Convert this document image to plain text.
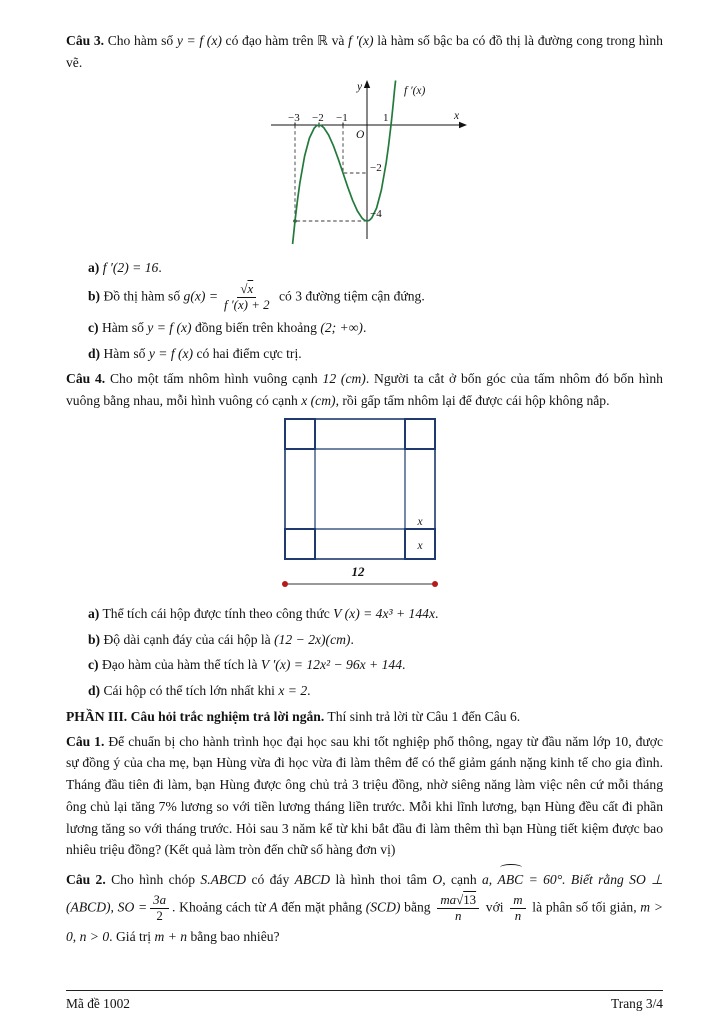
Câu 3. Cho hàm số y = f (x) có đạo hàm trên ℝ và f ′(x) là hàm số bậc ba có đồ thị là đường cong trong hình vẽ.

y
x
O
−3 −2 −1	1
−2
−4
f ′(x)

a) f ′(2) = 16.

b) Đồ thị hàm số $g(x) = \frac{√x}{f '(x) + 2}$ có 3 đường tiệm cận đứng.

c) Hàm số y = f (x) đồng biến trên khoảng (2; +∞).

d) Hàm số y = f (x) có hai điểm cực trị.

Câu 4. Cho một tấm nhôm hình vuông cạnh 12 (cm). Người ta cắt ở bốn góc của tấm nhôm đó bốn hình vuông bằng nhau, mỗi hình vuông có cạnh x (cm), rồi gấp tấm nhôm lại để được cái hộp không nắp.

x
x
12

a) Thể tích cái hộp được tính theo công thức V (x) = 4x³ + 144x.

b) Độ dài cạnh đáy của cái hộp là (12 − 2x)(cm).

c) Đạo hàm của hàm thể tích là V ′(x) = 12x² − 96x + 144.

d) Cái hộp có thể tích lớn nhất khi x = 2.

PHẦN III. Câu hỏi trắc nghiệm trả lời ngắn. Thí sinh trả lời từ Câu 1 đến Câu 6.

Câu 1. Để chuẩn bị cho hành trình học đại học sau khi tốt nghiệp phổ thông, ngay từ đầu năm lớp 10, được sự đồng ý của cha mẹ, bạn Hùng vừa đi học vừa đi làm thêm để có thể giảm gánh nặng kinh tế cho gia đình. Tháng đầu tiên đi làm, bạn Hùng được ông chủ trả 3 triệu đồng, nhờ siêng năng làm việc nên cứ mỗi tháng ông chủ lại tăng 7% lương so với tiền lương tháng liền trước. Mỗi khi lĩnh lương, bạn Hùng đều cất đi phần lương tăng so với tháng trước. Hỏi sau 3 năm kể từ khi bắt đầu đi làm thêm thì bạn Hùng tiết kiệm được bao nhiêu triệu đồng? (Kết quả làm tròn đến chữ số hàng đơn vị)

Câu 2. Cho hình chóp S.ABCD có đáy ABCD là hình thoi tâm O, cạnh a, ABC = 60°. Biết rằng SO ⊥ (ABCD), SO = $\frac{3a}{2}$ . Khoảng cách từ A đến mặt phẳng (SCD) bằng $\frac{ma√13}{n}$ với $\frac{m}{n}$ là phân số tối giản, m > 0, n > 0. Giá trị m + n bằng bao nhiêu?

Mã đề 1002	Trang 3/4
